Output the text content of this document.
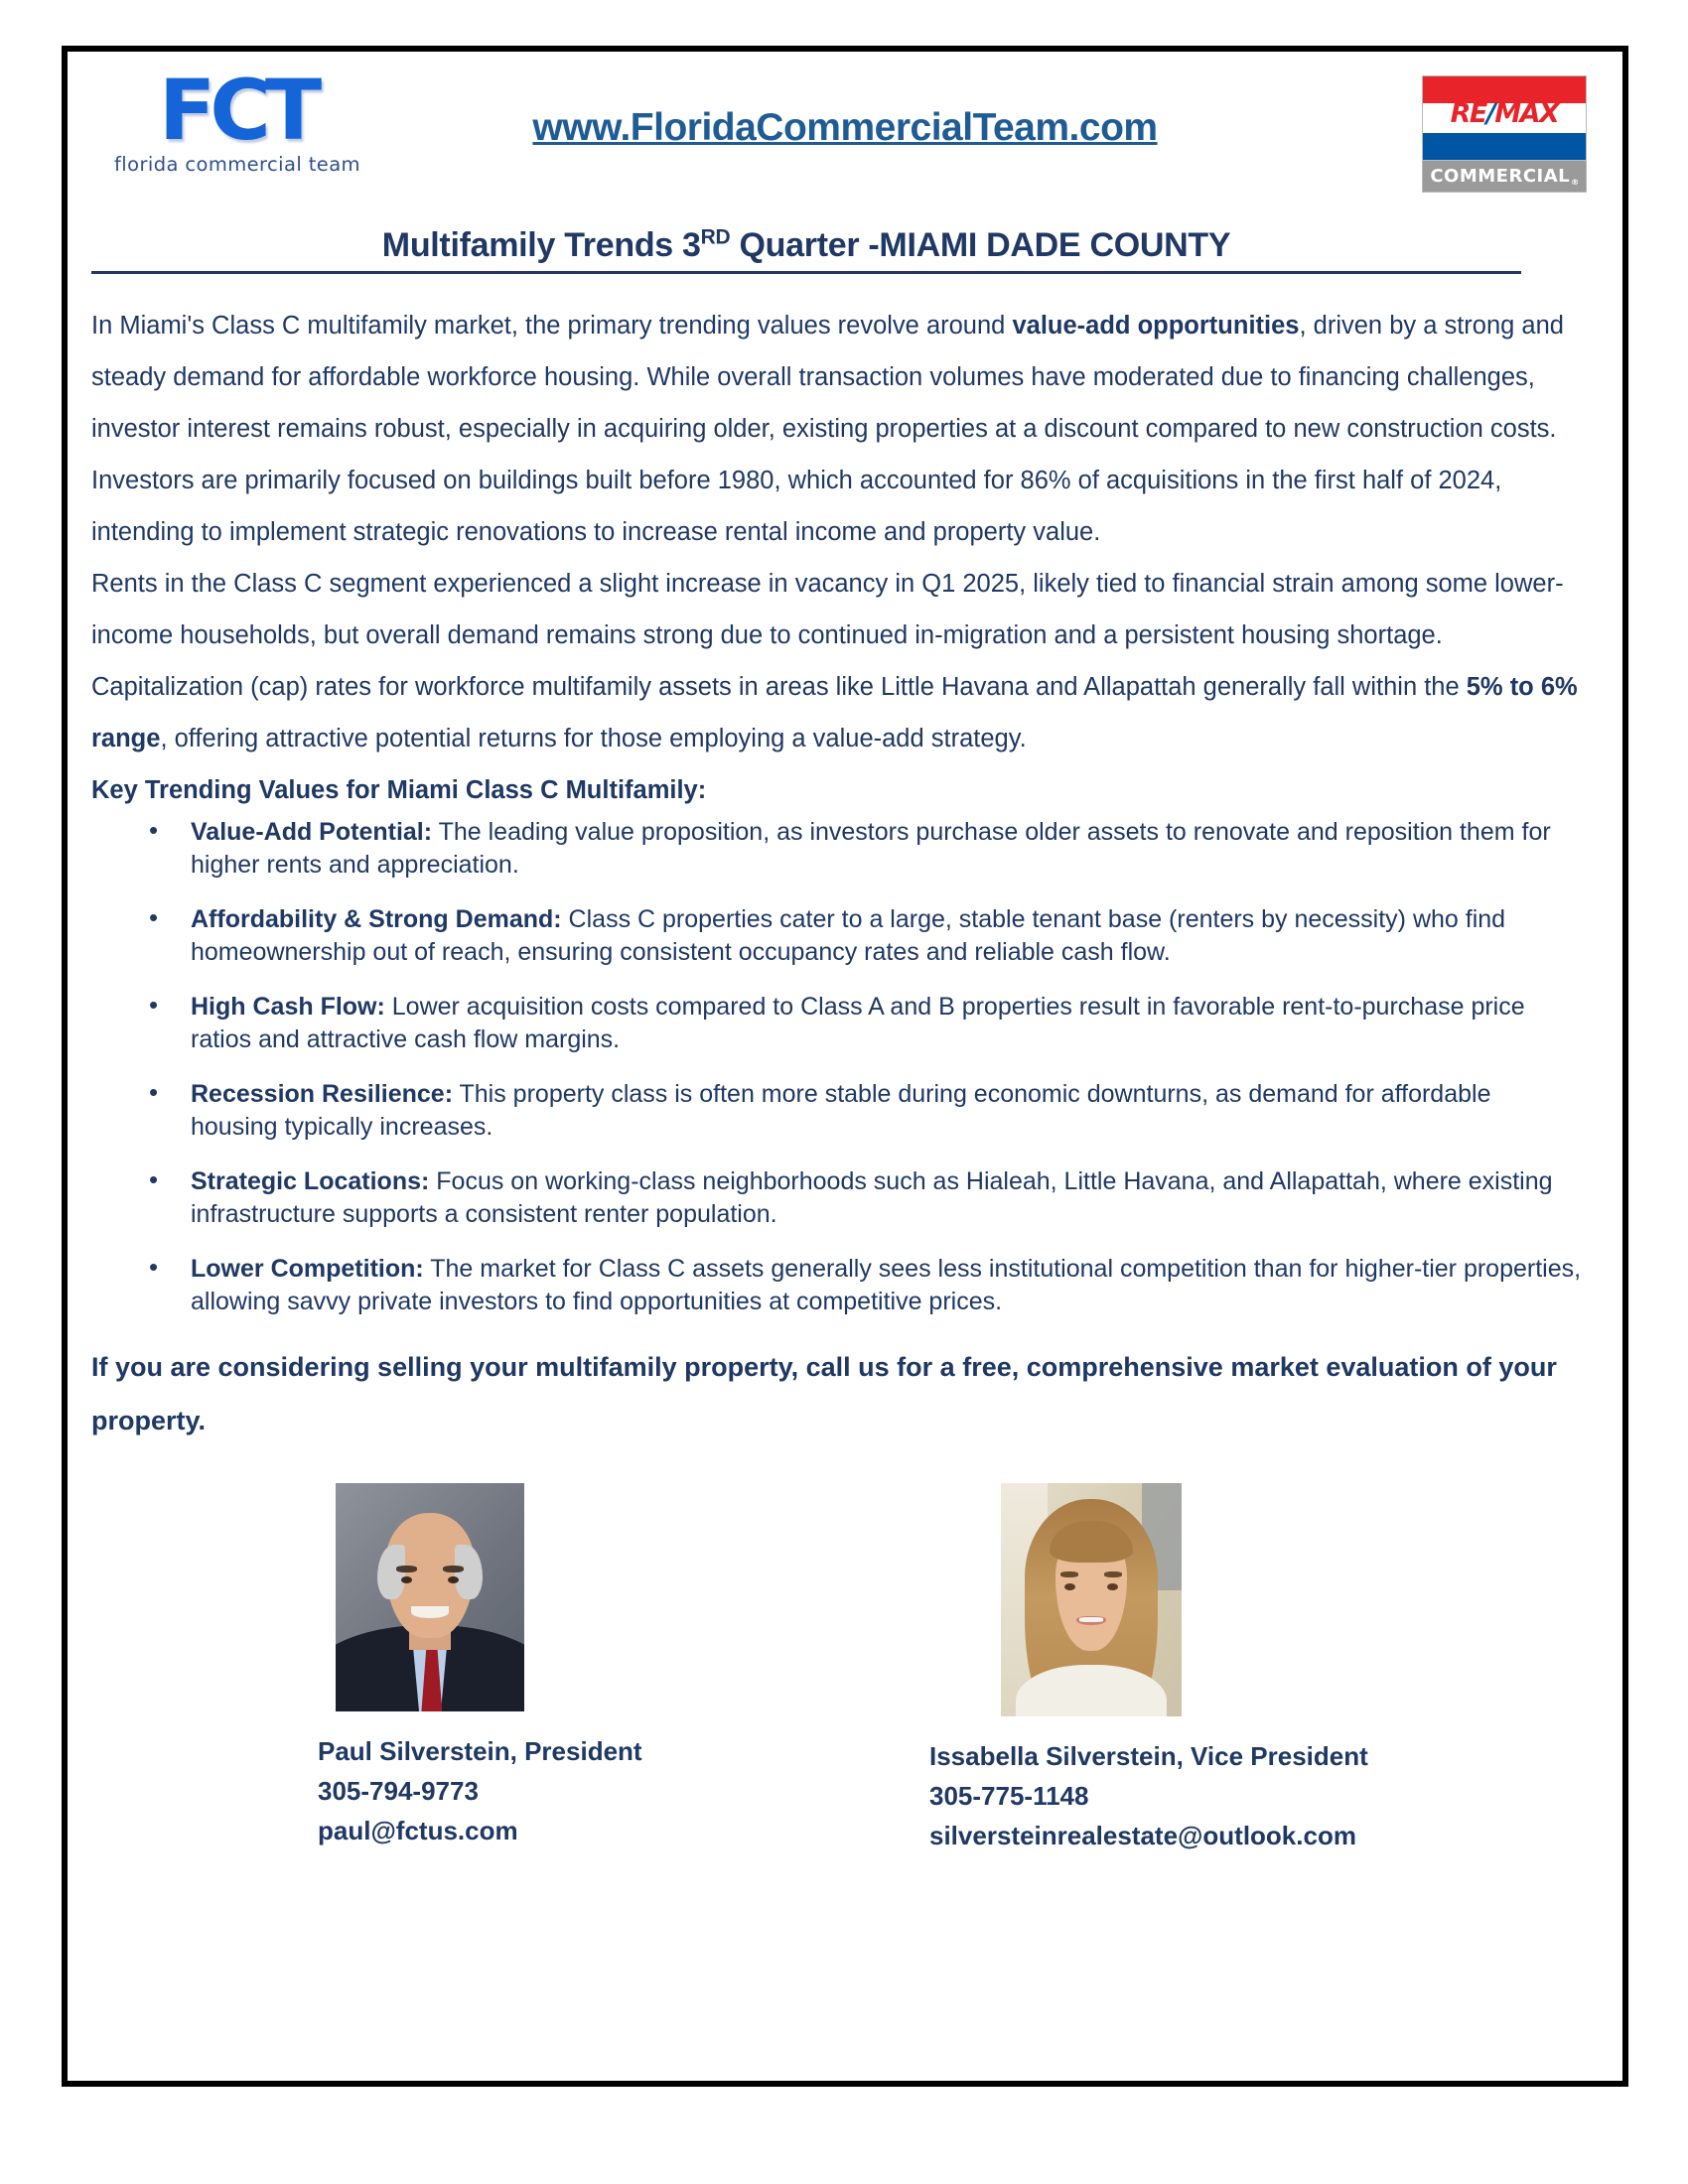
FCT
florida commercial team
www.FloridaCommercialTeam.com	RE/MAX
$COMMERCIAL_®$
Multifamily Trends 3RD Quarter -MIAMI DADE COUNTY

In Miami's Class C multifamily market, the primary trending values revolve around value-add opportunities, driven by a strong and steady demand for affordable workforce housing. While overall transaction volumes have moderated due to financing challenges, investor interest remains robust, especially in acquiring older, existing properties at a discount compared to new construction costs.

Investors are primarily focused on buildings built before 1980, which accounted for 86% of acquisitions in the first half of 2024, intending to implement strategic renovations to increase rental income and property value.

Rents in the Class C segment experienced a slight increase in vacancy in Q1 2025, likely tied to financial strain among some lower-income households, but overall demand remains strong due to continued in-migration and a persistent housing shortage. Capitalization (cap) rates for workforce multifamily assets in areas like Little Havana and Allapattah generally fall within the 5% to 6% range, offering attractive potential returns for those employing a value-add strategy.

Key Trending Values for Miami Class C Multifamily:
• Value-Add Potential: The leading value proposition, as investors purchase older assets to renovate and reposition them for higher rents and appreciation.
• Affordability & Strong Demand: Class C properties cater to a large, stable tenant base (renters by necessity) who find homeownership out of reach, ensuring consistent occupancy rates and reliable cash flow.
• High Cash Flow: Lower acquisition costs compared to Class A and B properties result in favorable rent-to-purchase price ratios and attractive cash flow margins.
• Recession Resilience: This property class is often more stable during economic downturns, as demand for affordable housing typically increases.
• Strategic Locations: Focus on working-class neighborhoods such as Hialeah, Little Havana, and Allapattah, where existing infrastructure supports a consistent renter population.
• Lower Competition: The market for Class C assets generally sees less institutional competition than for higher-tier properties, allowing savvy private investors to find opportunities at competitive prices.
If you are considering selling your multifamily property, call us for a free, comprehensive market evaluation of your property.
Paul Silverstein, President
305-794-9773
paul@fctus.com
Issabella Silverstein, Vice President
305-775-1148
silversteinrealestate@outlook.com
